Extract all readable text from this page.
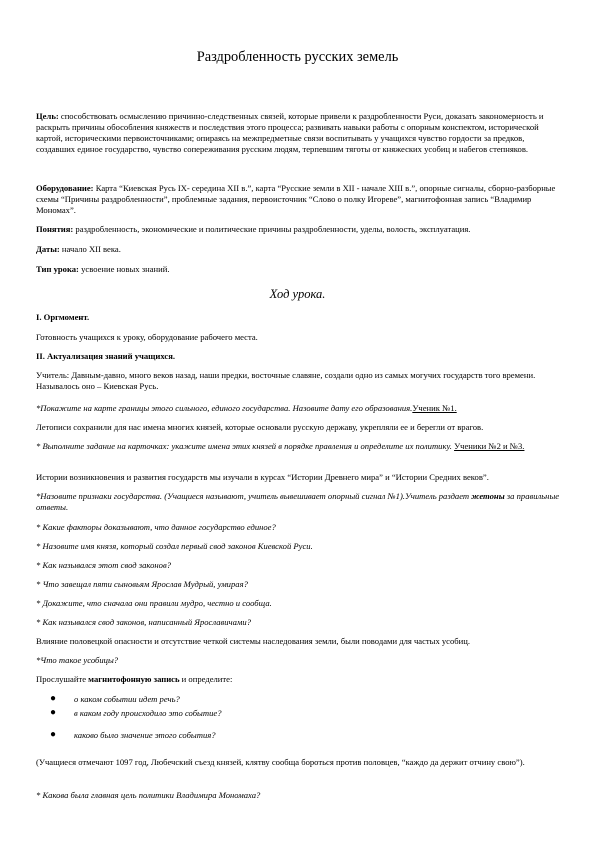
Раздробленность русских земель
Цель: способствовать осмыслению причинно-следственных связей, которые привели к раздробленности Руси, доказать закономерность и раскрыть причины обособления княжеств и последствия этого процесса; развивать навыки работы с опорным конспектом, исторической картой, историческими первоисточниками; опираясь на межпредметные связи воспитывать у учащихся чувство гордости за предков, создавших единое государство, чувство сопереживания русским людям, терпевшим тяготы от княжеских усобиц и набегов степняков.
Оборудование: Карта “Киевская Русь IX- середина XII в.”, карта “Русские земли в XII - начале XIII в.”, опорные сигналы, сборно-разборные схемы “Причины раздробленности”, проблемные задания, первоисточник “Слово о полку Игореве”, магнитофонная запись “Владимир Мономах”.
Понятия: раздробленность, экономические и политические причины раздробленности, уделы, волость, эксплуатация.
Даты: начало XII века.
Тип урока: усвоение новых знаний.
Ход урока.
I. Оргмомент.
Готовность учащихся к уроку, оборудование рабочего места.
II. Актуализация знаний учащихся.
Учитель: Давным-давно, много веков назад, наши предки, восточные славяне, создали одно из самых могучих государств того времени. Называлось оно – Киевская Русь.
*Покажите на карте границы этого сильного, единого государства. Назовите дату его образования.Ученик №1.
Летописи сохранили для нас имена многих князей, которые основали русскую державу, укрепляли ее и берегли от врагов.
* Выполните задание на карточках: укажите имена этих князей в порядке правления и определите их политику. Ученики №2 и №3.
Истории возникновения и развития государств мы изучали в курсах “Истории Древнего мира” и “Истории Средних веков”.
*Назовите признаки государства. (Учащиеся называют, учитель вывешивает опорный сигнал №1).Учитель раздает жетоны за правильные ответы.
* Какие факторы доказывают, что данное государство единое?
* Назовите имя князя, который создал первый свод законов Киевской Руси.
* Как назывался этот свод законов?
* Что завещал пяти сыновьям Ярослав Мудрый, умирая?
* Докажите, что сначала они правили мудро, честно и сообща.
* Как назывался свод законов, написанный Ярославичами?
Влияние половецкой опасности и отсутствие четкой системы наследования земли, были поводами для частых усобиц.
*Что такое усобицы?
Прослушайте магнитофонную запись и определите:
● о каком событии идет речь?
● в каком году происходило это событие?
● каково было значение этого события?
(Учащиеся отмечают 1097 год, Любечский съезд князей, клятву сообща бороться против половцев, “каждо да держит отчину свою”).
* Какова была главная цель политики Владимира Мономаха?
